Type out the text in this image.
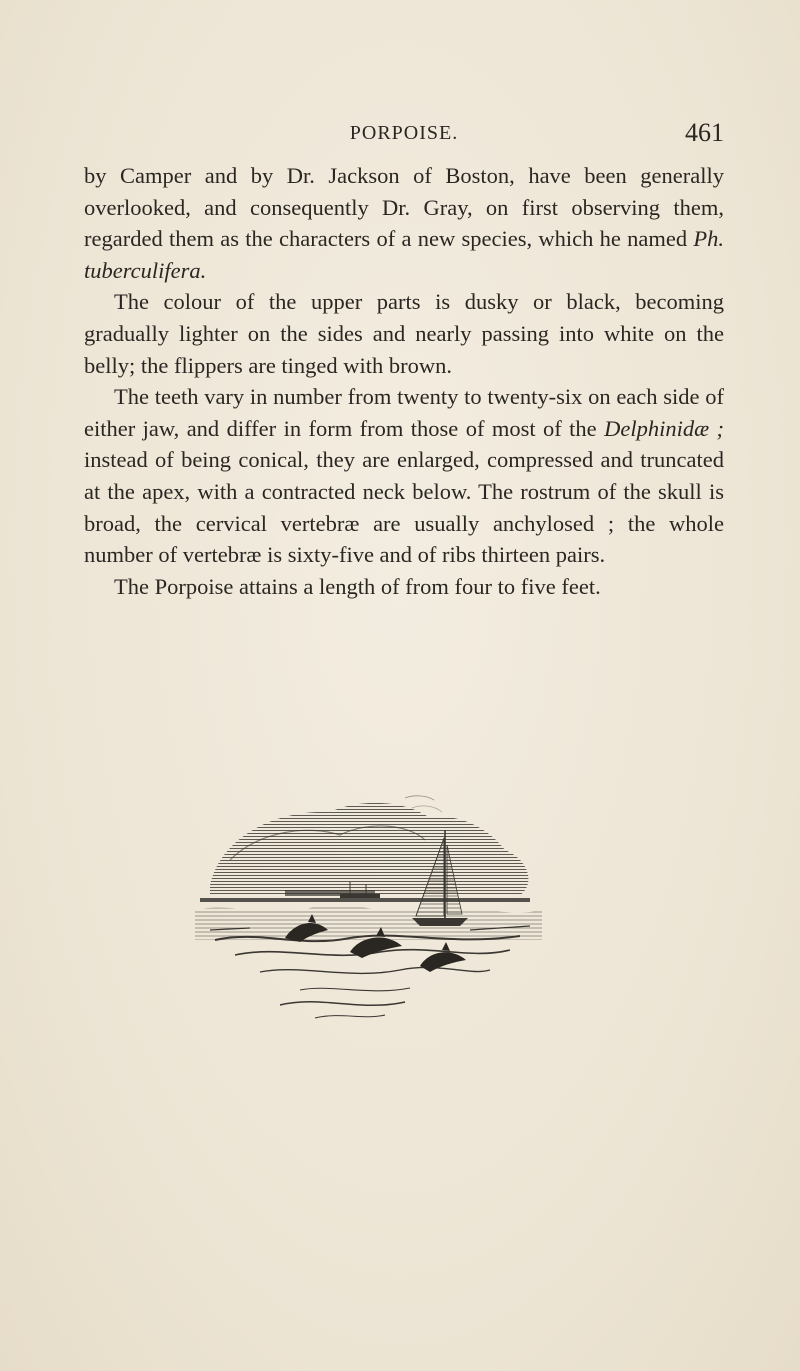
PORPOISE.	461

by Camper and by Dr. Jackson of Boston, have been generally overlooked, and consequently Dr. Gray, on first observing them, regarded them as the characters of a new species, which he named Ph. tuberculifera.

The colour of the upper parts is dusky or black, becoming gradually lighter on the sides and nearly passing into white on the belly; the flippers are tinged with brown.

The teeth vary in number from twenty to twenty-six on each side of either jaw, and differ in form from those of most of the Delphinidæ ; instead of being conical, they are enlarged, compressed and truncated at the apex, with a contracted neck below. The rostrum of the skull is broad, the cervical vertebræ are usually anchylosed ; the whole number of vertebræ is sixty-five and of ribs thirteen pairs.

The Porpoise attains a length of from four to five feet.
